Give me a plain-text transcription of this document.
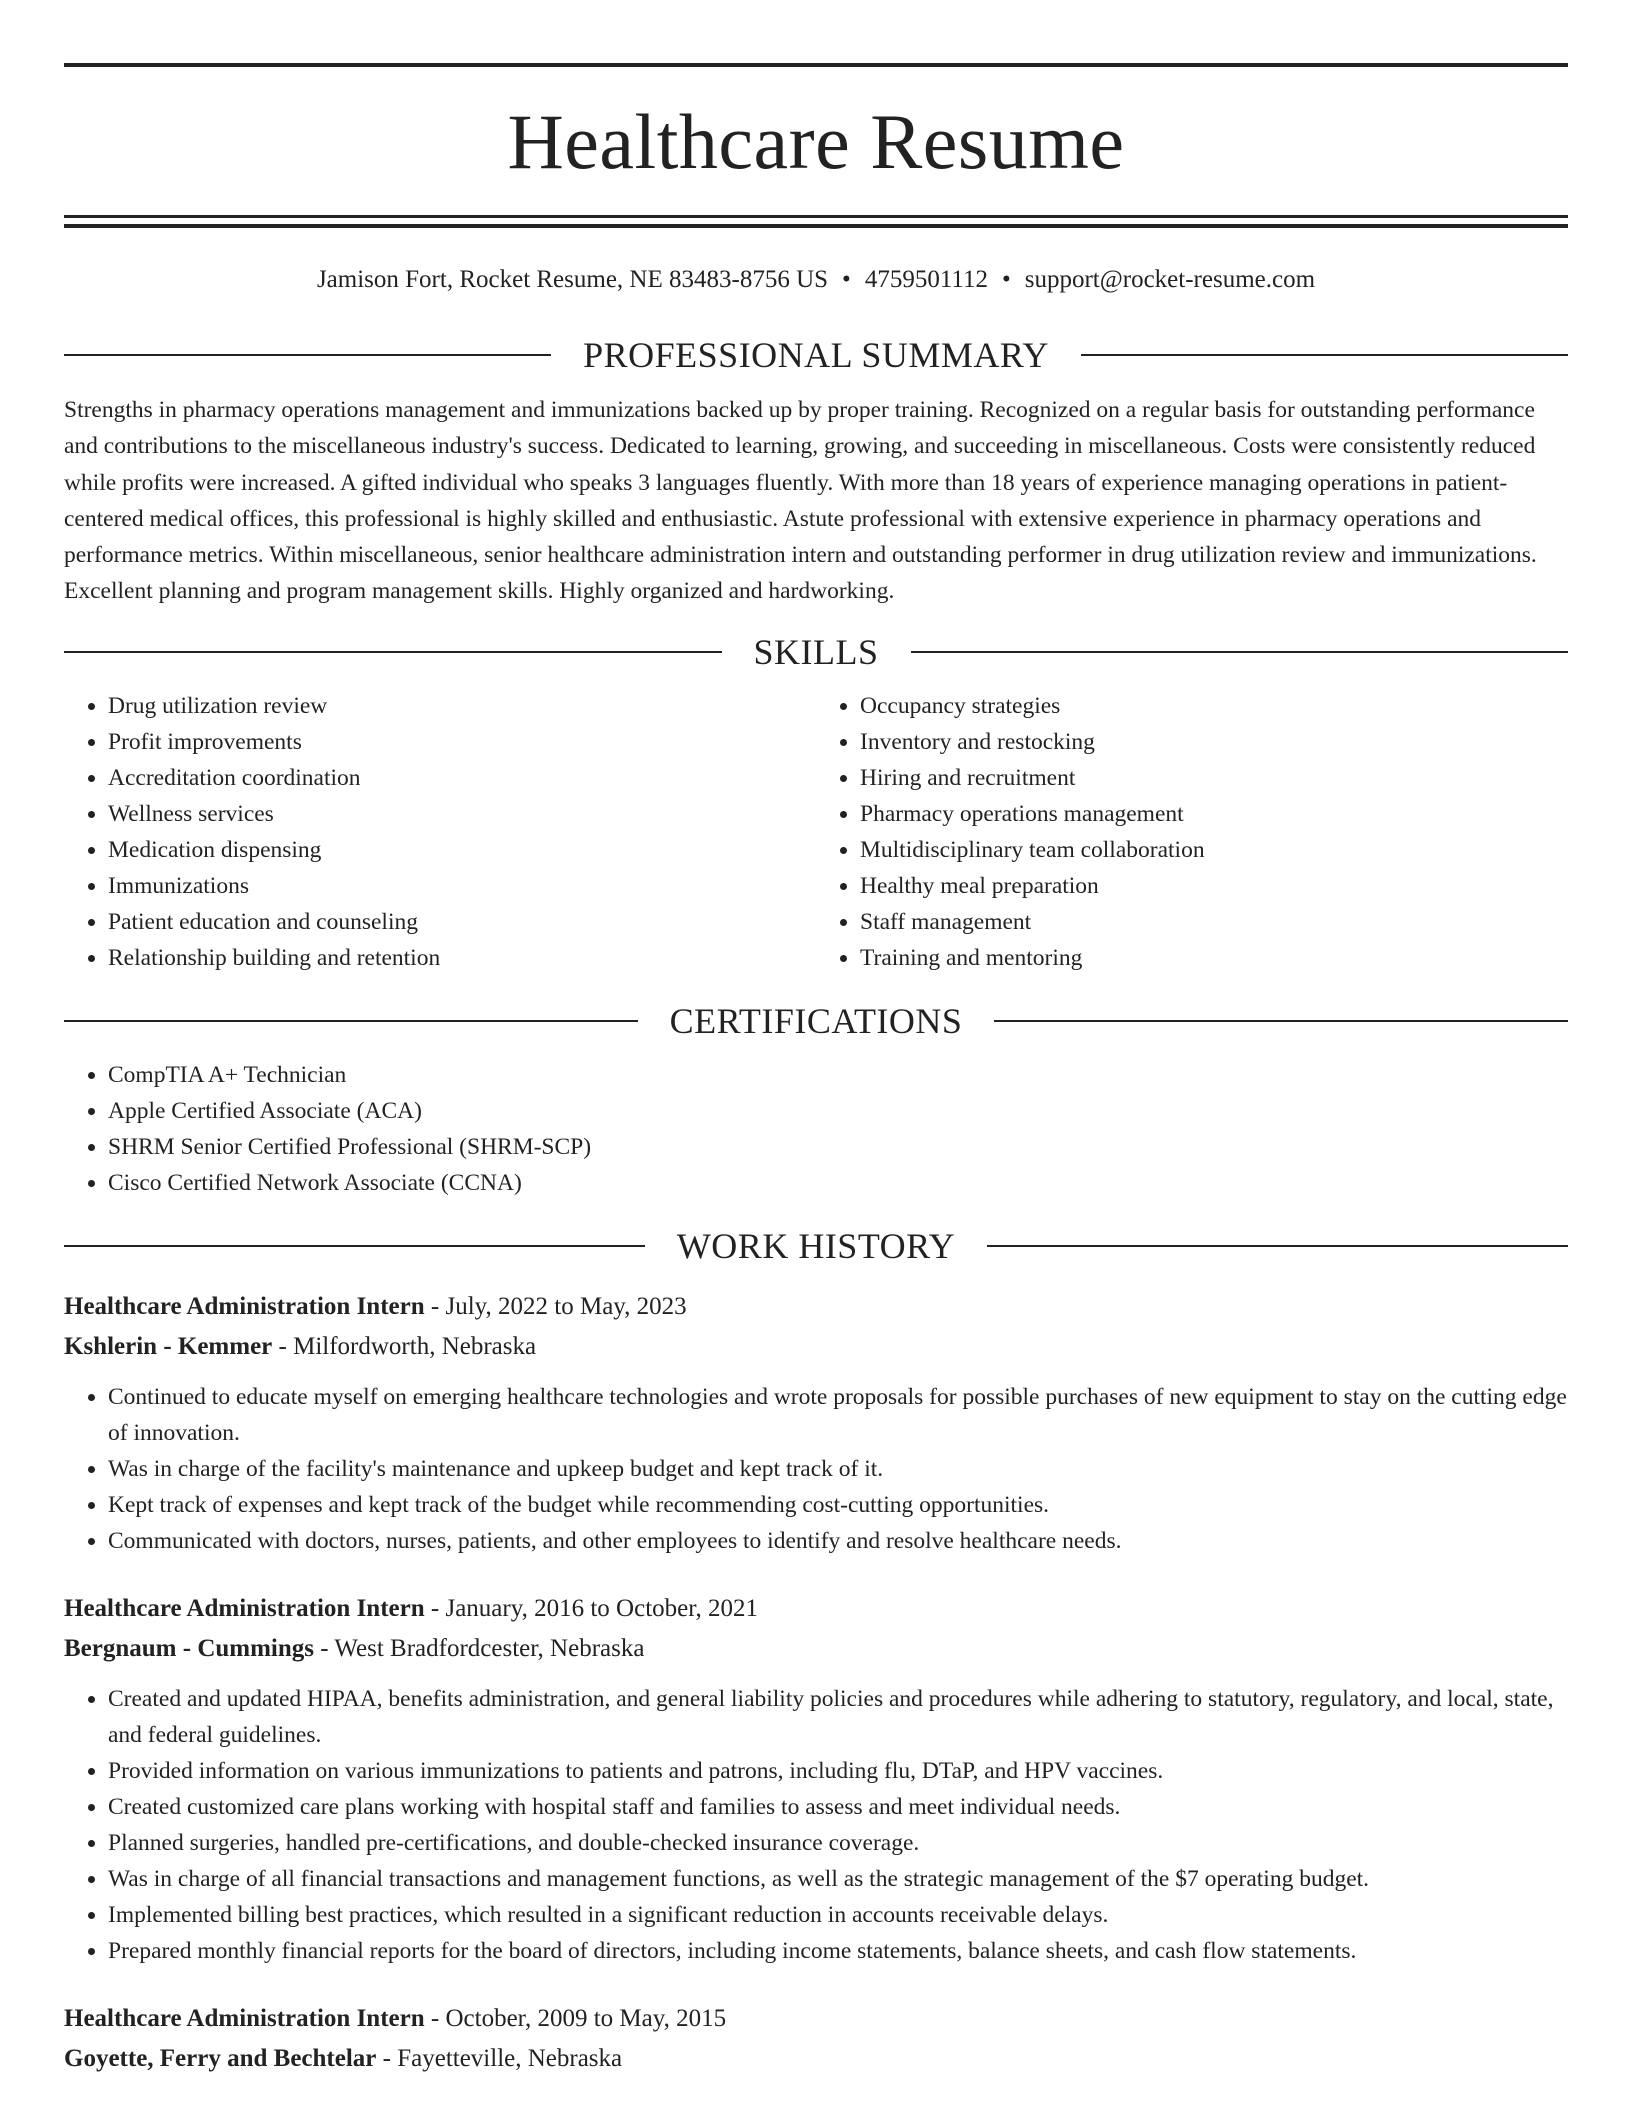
Healthcare Resume
Jamison Fort, Rocket Resume, NE 83483-8756 US • 4759501112 • support@rocket-resume.com
PROFESSIONAL SUMMARY

Strengths in pharmacy operations management and immunizations backed up by proper training. Recognized on a regular basis for outstanding performance and contributions to the miscellaneous industry's success. Dedicated to learning, growing, and succeeding in miscellaneous. Costs were consistently reduced while profits were increased. A gifted individual who speaks 3 languages fluently. With more than 18 years of experience managing operations in patient-centered medical offices, this professional is highly skilled and enthusiastic. Astute professional with extensive experience in pharmacy operations and performance metrics. Within miscellaneous, senior healthcare administration intern and outstanding performer in drug utilization review and immunizations. Excellent planning and program management skills. Highly organized and hardworking.

SKILLS
• Drug utilization review
• Profit improvements
• Accreditation coordination
• Wellness services
• Medication dispensing
• Immunizations
• Patient education and counseling
• Relationship building and retention
• Occupancy strategies
• Inventory and restocking
• Hiring and recruitment
• Pharmacy operations management
• Multidisciplinary team collaboration
• Healthy meal preparation
• Staff management
• Training and mentoring
CERTIFICATIONS
• CompTIA A+ Technician
• Apple Certified Associate (ACA)
• SHRM Senior Certified Professional (SHRM-SCP)
• Cisco Certified Network Associate (CCNA)
WORK HISTORY
Healthcare Administration Intern - July, 2022 to May, 2023
Kshlerin - Kemmer - Milfordworth, Nebraska
• Continued to educate myself on emerging healthcare technologies and wrote proposals for possible purchases of new equipment to stay on the cutting edge of innovation.
• Was in charge of the facility's maintenance and upkeep budget and kept track of it.
• Kept track of expenses and kept track of the budget while recommending cost-cutting opportunities.
• Communicated with doctors, nurses, patients, and other employees to identify and resolve healthcare needs.
Healthcare Administration Intern - January, 2016 to October, 2021
Bergnaum - Cummings - West Bradfordcester, Nebraska
• Created and updated HIPAA, benefits administration, and general liability policies and procedures while adhering to statutory, regulatory, and local, state, and federal guidelines.
• Provided information on various immunizations to patients and patrons, including flu, DTaP, and HPV vaccines.
• Created customized care plans working with hospital staff and families to assess and meet individual needs.
• Planned surgeries, handled pre-certifications, and double-checked insurance coverage.
• Was in charge of all financial transactions and management functions, as well as the strategic management of the $7 operating budget.
• Implemented billing best practices, which resulted in a significant reduction in accounts receivable delays.
• Prepared monthly financial reports for the board of directors, including income statements, balance sheets, and cash flow statements.
Healthcare Administration Intern - October, 2009 to May, 2015
Goyette, Ferry and Bechtelar - Fayetteville, Nebraska
